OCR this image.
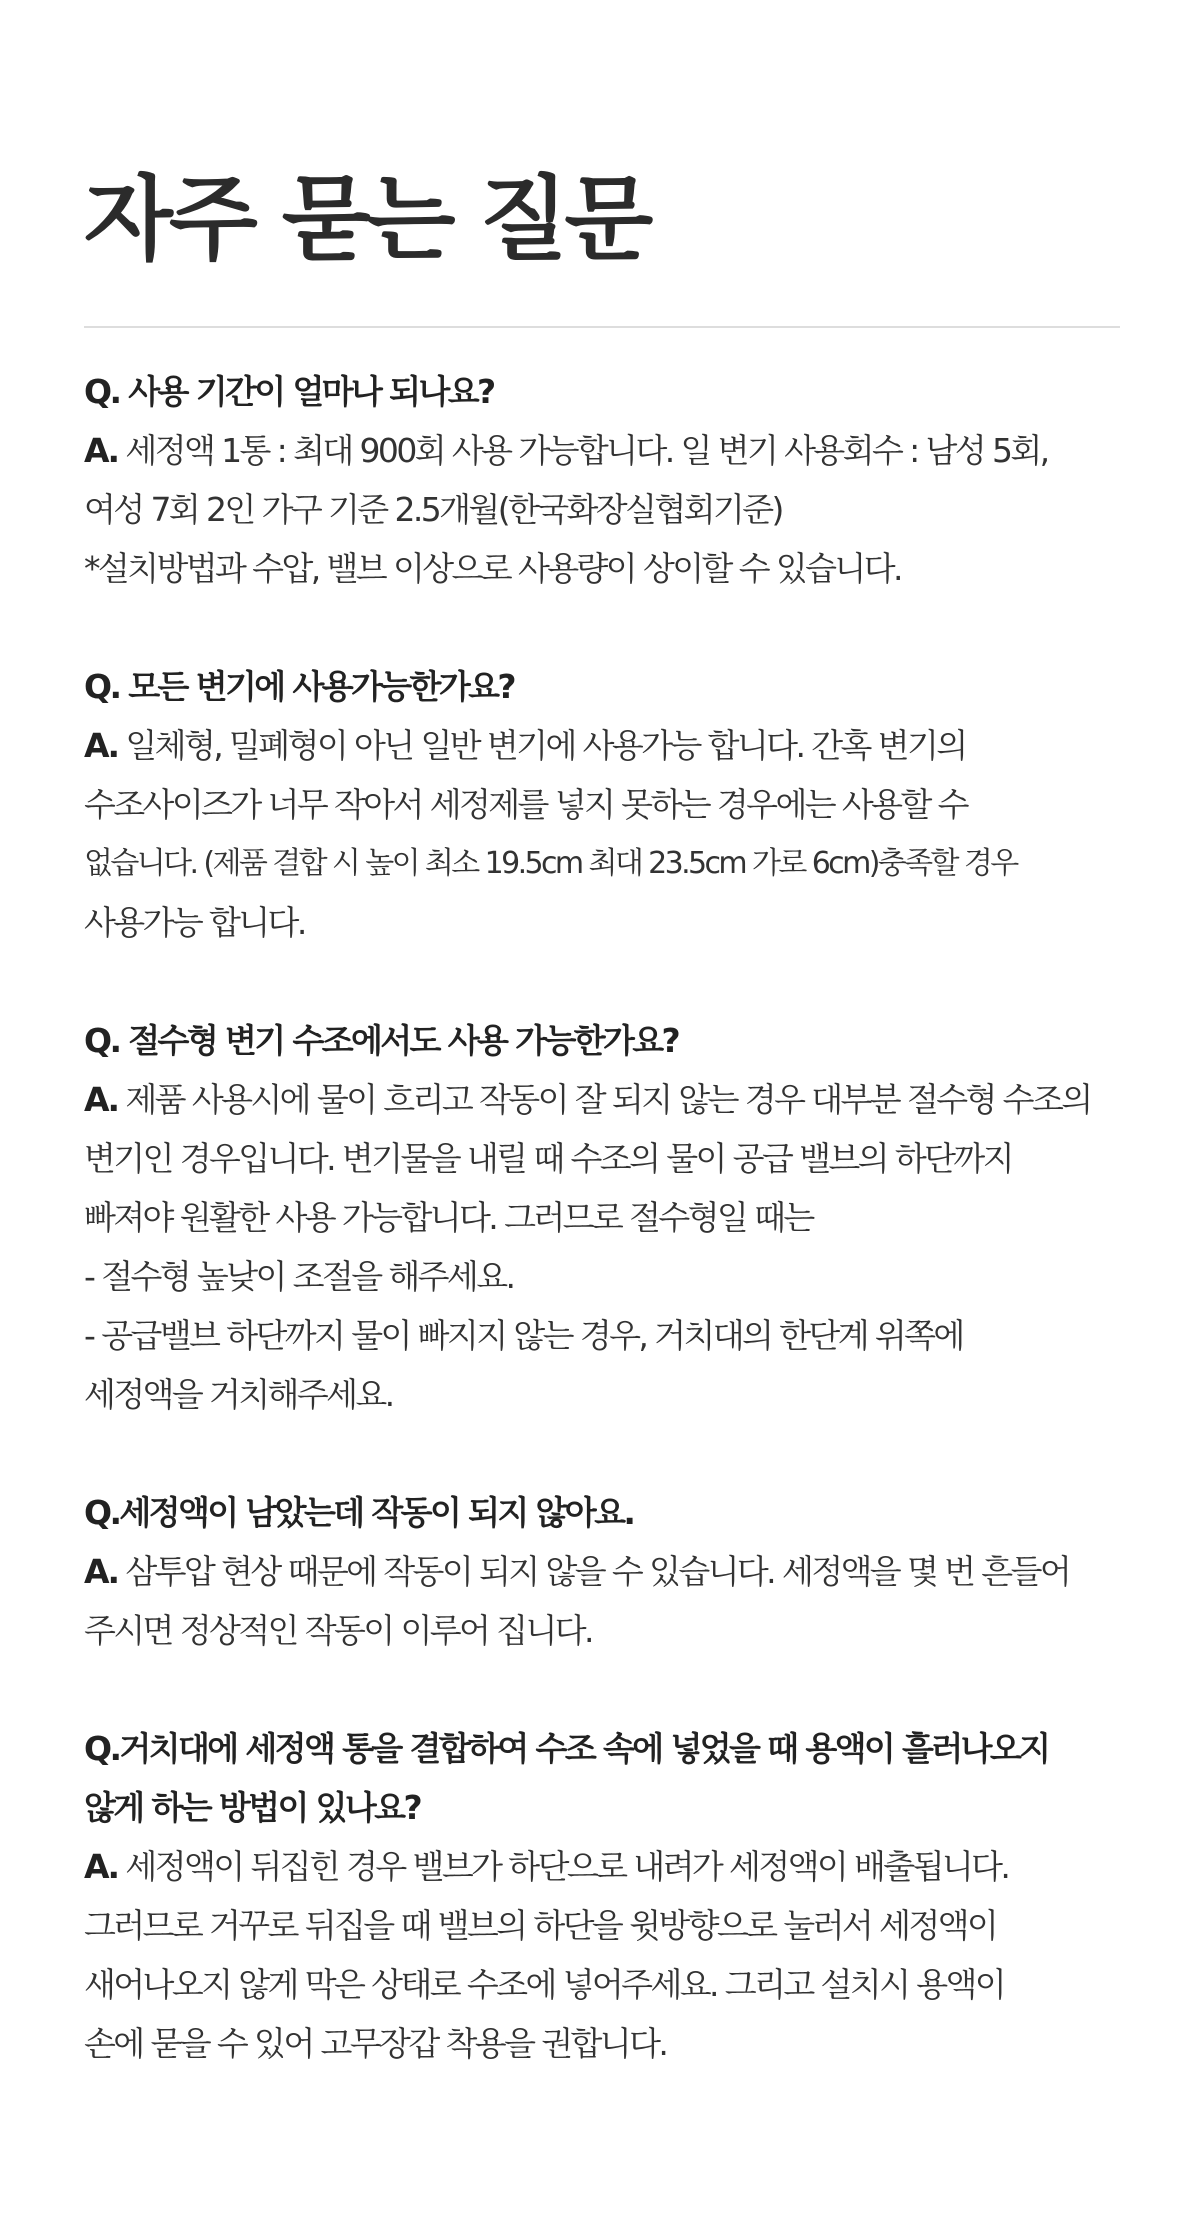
자주 묻는 질문

Q. 사용 기간이 얼마나 되나요?

A. 세정액 1통 : 최대 900회 사용 가능합니다. 일 변기 사용회수 : 남성 5회,
여성 7회 2인 가구 기준 2.5개월(한국화장실협회기준)
*설치방법과 수압, 밸브 이상으로 사용량이 상이할 수 있습니다.

Q. 모든 변기에 사용가능한가요?

A. 일체형, 밀폐형이 아닌 일반 변기에 사용가능 합니다. 간혹 변기의
수조사이즈가 너무 작아서 세정제를 넣지 못하는 경우에는 사용할 수
없습니다. (제품 결합 시 높이 최소 19.5cm 최대 23.5cm 가로 6cm)충족할 경우
사용가능 합니다.

Q. 절수형 변기 수조에서도 사용 가능한가요?

A. 제품 사용시에 물이 흐리고 작동이 잘 되지 않는 경우 대부분 절수형 수조의
변기인 경우입니다. 변기물을 내릴 때 수조의 물이 공급 밸브의 하단까지
빠져야 원활한 사용 가능합니다. 그러므로 절수형일 때는
- 절수형 높낮이 조절을 해주세요.
- 공급밸브 하단까지 물이 빠지지 않는 경우, 거치대의 한단계 위쪽에
세정액을 거치해주세요.

Q.세정액이 남았는데 작동이 되지 않아요.

A. 삼투압 현상 때문에 작동이 되지 않을 수 있습니다. 세정액을 몇 번 흔들어
주시면 정상적인 작동이 이루어 집니다.

Q.거치대에 세정액 통을 결합하여 수조 속에 넣었을 때 용액이 흘러나오지
않게 하는 방법이 있나요?

A. 세정액이 뒤집힌 경우 밸브가 하단으로 내려가 세정액이 배출됩니다.
그러므로 거꾸로 뒤집을 때 밸브의 하단을 윗방향으로 눌러서 세정액이
새어나오지 않게 막은 상태로 수조에 넣어주세요. 그리고 설치시 용액이
손에 묻을 수 있어 고무장갑 착용을 권합니다.
